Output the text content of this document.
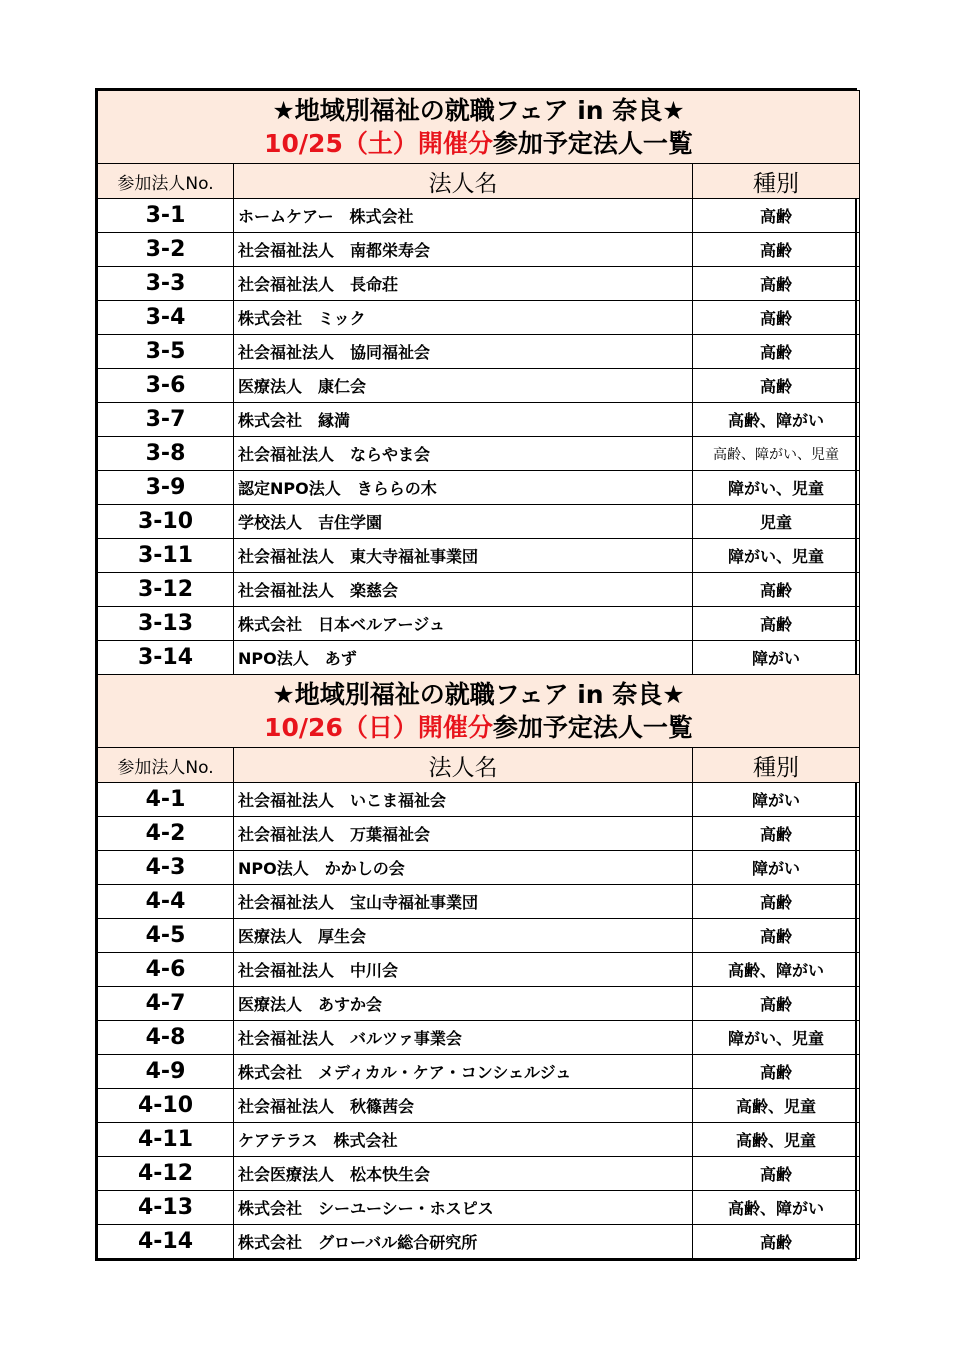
★地域別福祉の就職フェア in 奈良★
10/25（土）開催分参加予定法人一覧		

参加法人No.	法人名	種別
3-1	ホームケアー　株式会社	高齢
3-2	社会福祉法人　南都栄寿会	高齢
3-3	社会福祉法人　長命荘	高齢
3-4	株式会社　ミック	高齢
3-5	社会福祉法人　協同福祉会	高齢
3-6	医療法人　康仁会	高齢
3-7	株式会社　縁満	高齢、障がい
3-8	社会福祉法人　ならやま会	高齢、障がい、児童
3-9	認定NPO法人　きららの木	障がい、児童
3-10	学校法人　吉住学園	児童
3-11	社会福祉法人　東大寺福祉事業団	障がい、児童
3-12	社会福祉法人　楽慈会	高齢
3-13	株式会社　日本ベルアージュ	高齢
3-14	NPO法人　あず	障がい

★地域別福祉の就職フェア in 奈良★
10/26（日）開催分参加予定法人一覧		

参加法人No.	法人名	種別
4-1	社会福祉法人　いこま福祉会	障がい
4-2	社会福祉法人　万葉福祉会	高齢
4-3	NPO法人　かかしの会	障がい
4-4	社会福祉法人　宝山寺福祉事業団	高齢
4-5	医療法人　厚生会	高齢
4-6	社会福祉法人　中川会	高齢、障がい
4-7	医療法人　あすか会	高齢
4-8	社会福祉法人　バルツァ事業会	障がい、児童
4-9	株式会社　メディカル・ケア・コンシェルジュ	高齢
4-10	社会福祉法人　秋篠茜会	高齢、児童
4-11	ケアテラス　株式会社	高齢、児童
4-12	社会医療法人　松本快生会	高齢
4-13	株式会社　シーユーシー・ホスピス	高齢、障がい
4-14	株式会社　グローバル総合研究所	高齢
